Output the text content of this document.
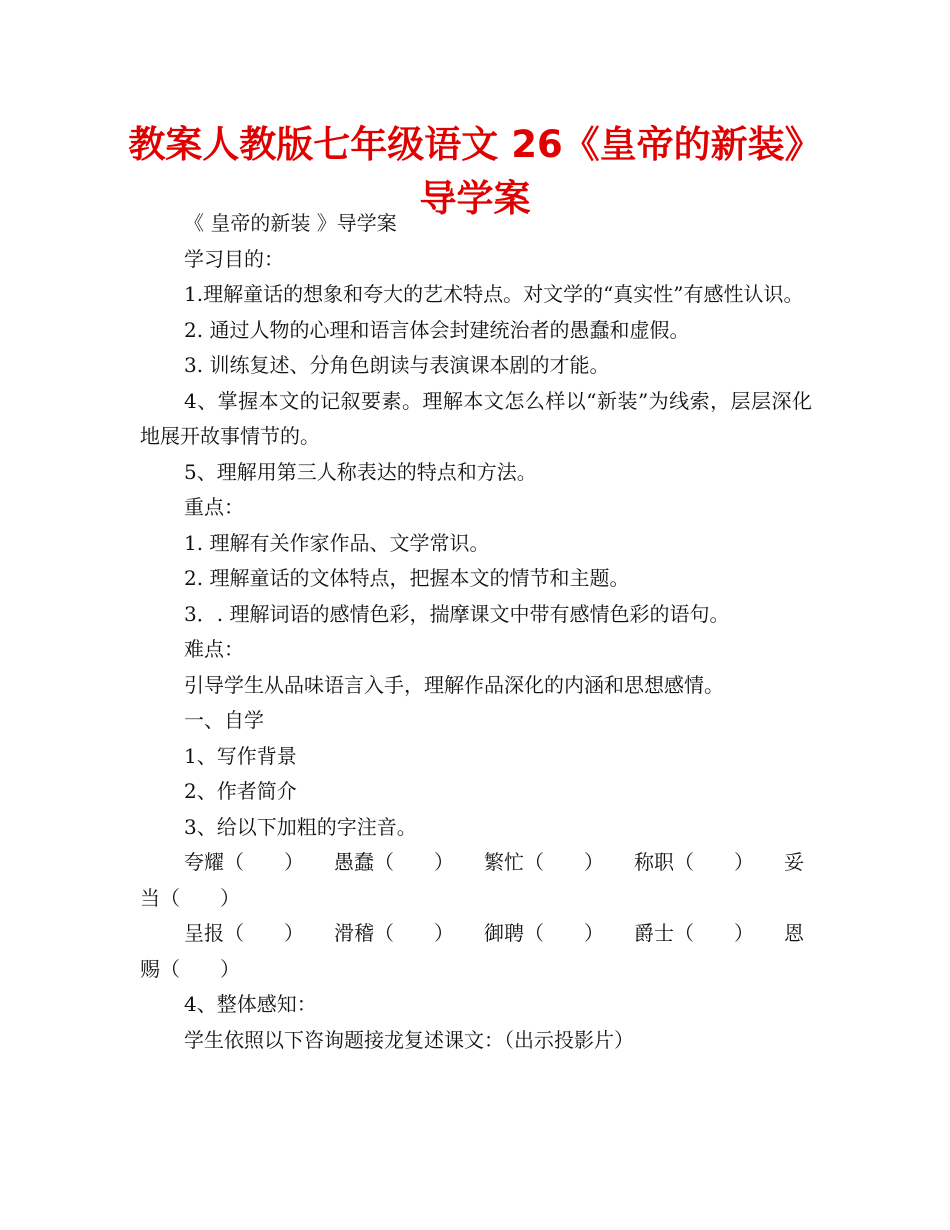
教案人教版七年级语文 26《皇帝的新装》导学案

《 皇帝的新装 》导学案

学习目的：

1.理解童话的想象和夸大的艺术特点。对文学的“真实性”有感性认识。

2. 通过人物的心理和语言体会封建统治者的愚蠢和虚假。

3. 训练复述、分角色朗读与表演课本剧的才能。

4、掌握本文的记叙要素。理解本文怎么样以“新装”为线索，层层深化地展开故事情节的。

5、理解用第三人称表达的特点和方法。

重点：

1. 理解有关作家作品、文学常识。

2. 理解童话的文体特点，把握本文的情节和主题。

3．. 理解词语的感情色彩，揣摩课文中带有感情色彩的语句。

难点：

引导学生从品味语言入手，理解作品深化的内涵和思想感情。

一、自学

1、写作背景

2、作者简介

3、给以下加粗的字注音。

夸耀（　　） 愚蠢（　　） 繁忙（　　） 称职（　　） 妥当（　　）

呈报（　　） 滑稽（　　） 御聘（　　） 爵士（　　） 恩赐（　　）

4、整体感知：

学生依照以下咨询题接龙复述课文：（出示投影片）
